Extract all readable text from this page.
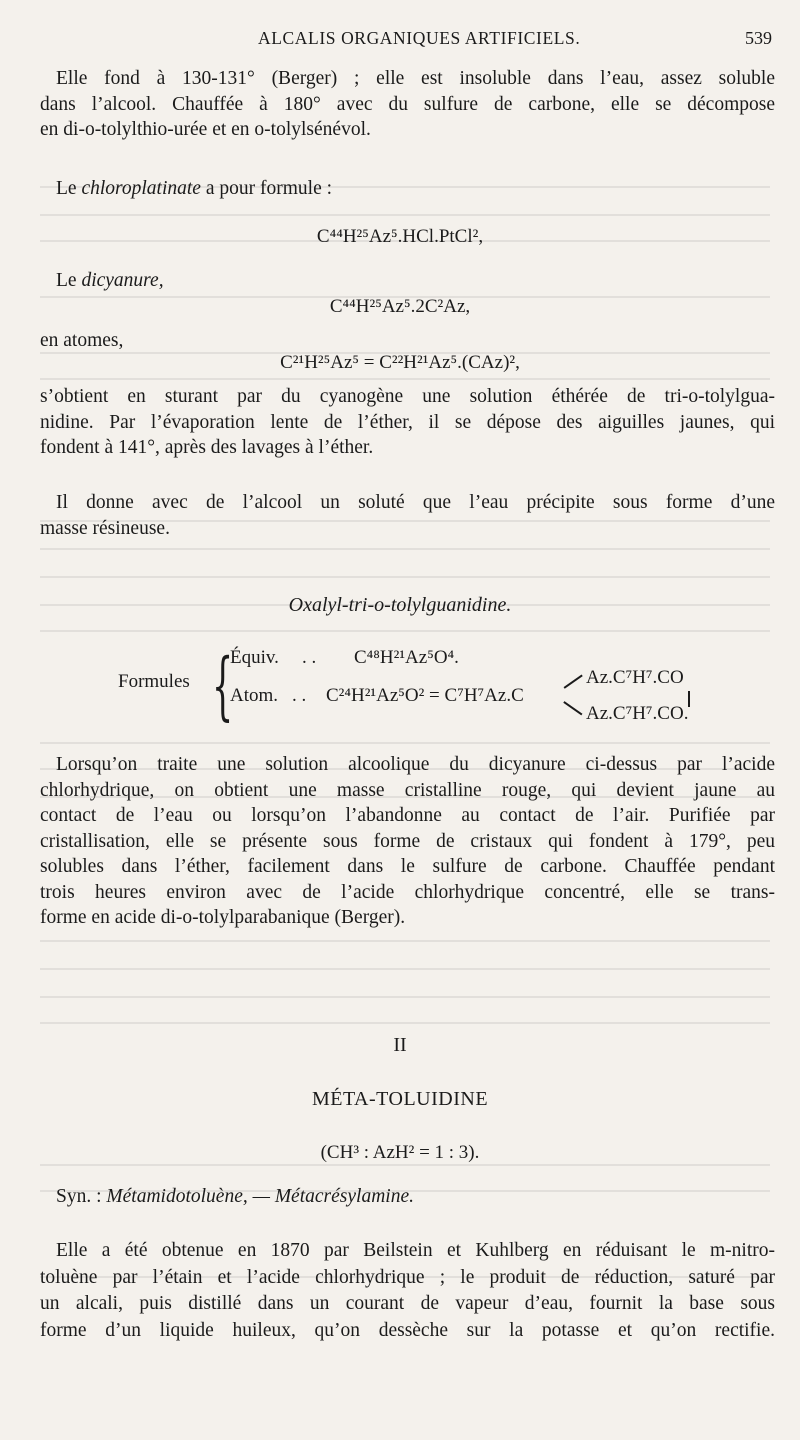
ALCALIS ORGANIQUES ARTIFICIELS.	539
Elle fond à 130-131° (Berger) ; elle est insoluble dans l’eau, assez soluble
dans l’alcool. Chauffée à 180° avec du sulfure de carbone, elle se décompose
en di-o-tolylthio-urée et en o-tolylsénévol.
Le chloroplatinate a pour formule :
C⁴⁴H²⁵Az⁵.HCl.PtCl²,
Le dicyanure,
C⁴⁴H²⁵Az⁵.2C²Az,
en atomes,
C²¹H²⁵Az⁵ = C²²H²¹Az⁵.(CAz)²,
s’obtient en sturant par du cyanogène une solution éthérée de tri-o-tolylgua-
nidine. Par l’évaporation lente de l’éther, il se dépose des aiguilles jaunes, qui
fondent à 141°, après des lavages à l’éther.
Il donne avec de l’alcool un soluté que l’eau précipite sous forme d’une
masse résineuse.
Oxalyl-tri-o-tolylguanidine.
Formules {
Équiv. . . C⁴⁸H²¹Az⁵O⁴.
Atom. . . C²⁴H²¹Az⁵O² = C⁷H⁷Az.C
Az.C⁷H⁷.CO
Az.C⁷H⁷.CO.
Lorsqu’on traite une solution alcoolique du dicyanure ci-dessus par l’acide
chlorhydrique, on obtient une masse cristalline rouge, qui devient jaune au
contact de l’eau ou lorsqu’on l’abandonne au contact de l’air. Purifiée par
cristallisation, elle se présente sous forme de cristaux qui fondent à 179°, peu
solubles dans l’éther, facilement dans le sulfure de carbone. Chauffée pendant
trois heures environ avec de l’acide chlorhydrique concentré, elle se trans-
forme en acide di-o-tolylparabanique (Berger).
II
MÉTA-TOLUIDINE
(CH³ : AzH² = 1 : 3).
Syn. : Métamidotoluène, — Métacrésylamine.
Elle a été obtenue en 1870 par Beilstein et Kuhlberg en réduisant le m-nitro-
toluène par l’étain et l’acide chlorhydrique ; le produit de réduction, saturé par
un alcali, puis distillé dans un courant de vapeur d’eau, fournit la base sous
forme d’un liquide huileux, qu’on dessèche sur la potasse et qu’on rectifie.
